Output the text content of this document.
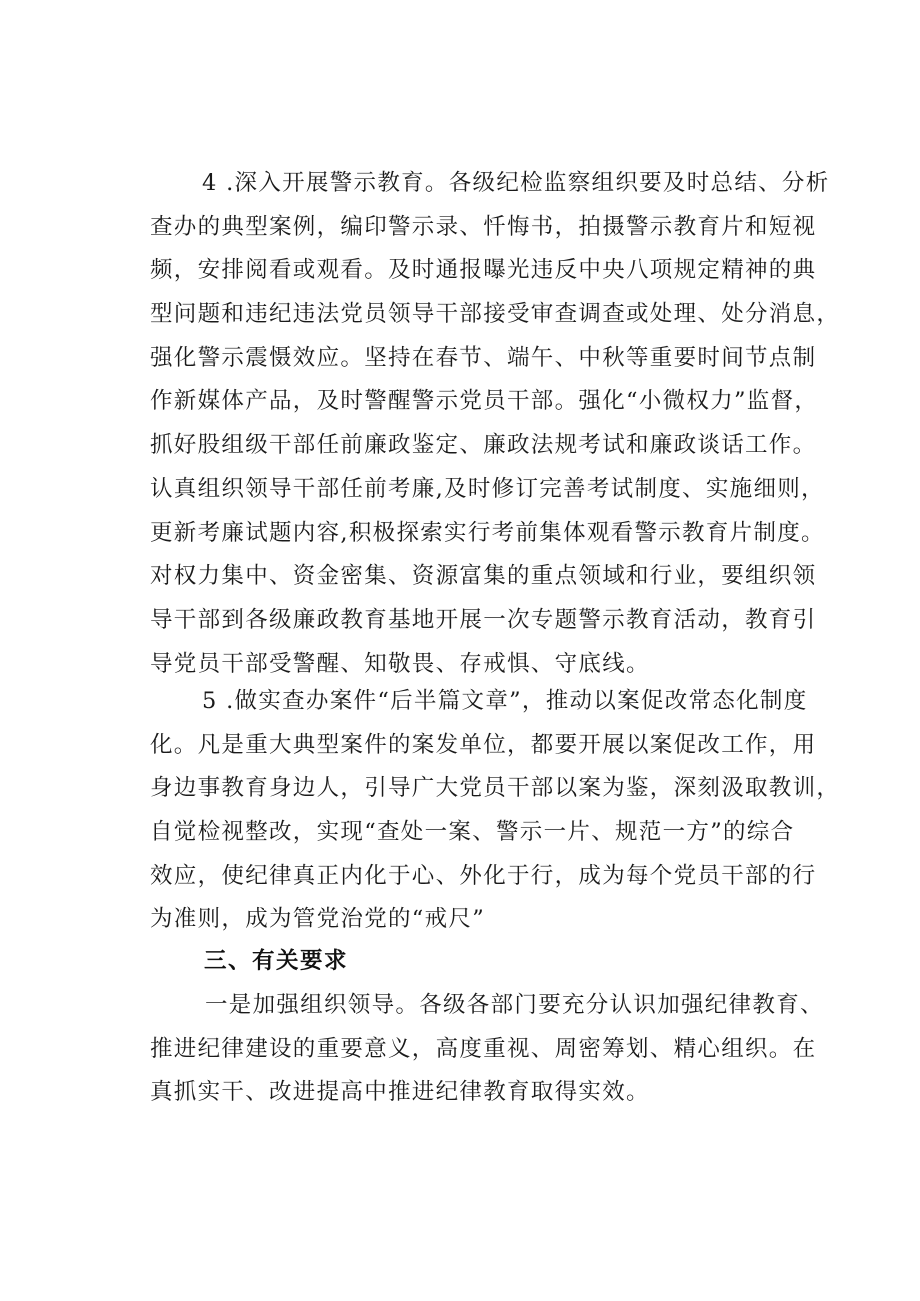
4 .深入开展警示教育。各级纪检监察组织要及时总结、分析
查办的典型案例，编印警示录、忏悔书，拍摄警示教育片和短视
频，安排阅看或观看。及时通报曝光违反中央八项规定精神的典
型问题和违纪违法党员领导干部接受审查调查或处理、处分消息，
强化警示震慑效应。坚持在春节、端午、中秋等重要时间节点制
作新媒体产品，及时警醒警示党员干部。强化“小微权力”监督，
抓好股组级干部任前廉政鉴定、廉政法规考试和廉政谈话工作。
认真组织领导干部任前考廉,及时修订完善考试制度、实施细则，
更新考廉试题内容,积极探索实行考前集体观看警示教育片制度。
对权力集中、资金密集、资源富集的重点领域和行业，要组织领
导干部到各级廉政教育基地开展一次专题警示教育活动，教育引
导党员干部受警醒、知敬畏、存戒惧、守底线。
5 .做实查办案件“后半篇文章”，推动以案促改常态化制度
化。凡是重大典型案件的案发单位，都要开展以案促改工作，用
身边事教育身边人，引导广大党员干部以案为鉴，深刻汲取教训，
自觉检视整改，实现“查处一案、警示一片、规范一方”的综合
效应，使纪律真正内化于心、外化于行，成为每个党员干部的行
为准则，成为管党治党的“戒尺”
三、有关要求
一是加强组织领导。各级各部门要充分认识加强纪律教育、
推进纪律建设的重要意义，高度重视、周密筹划、精心组织。在
真抓实干、改进提高中推进纪律教育取得实效。
